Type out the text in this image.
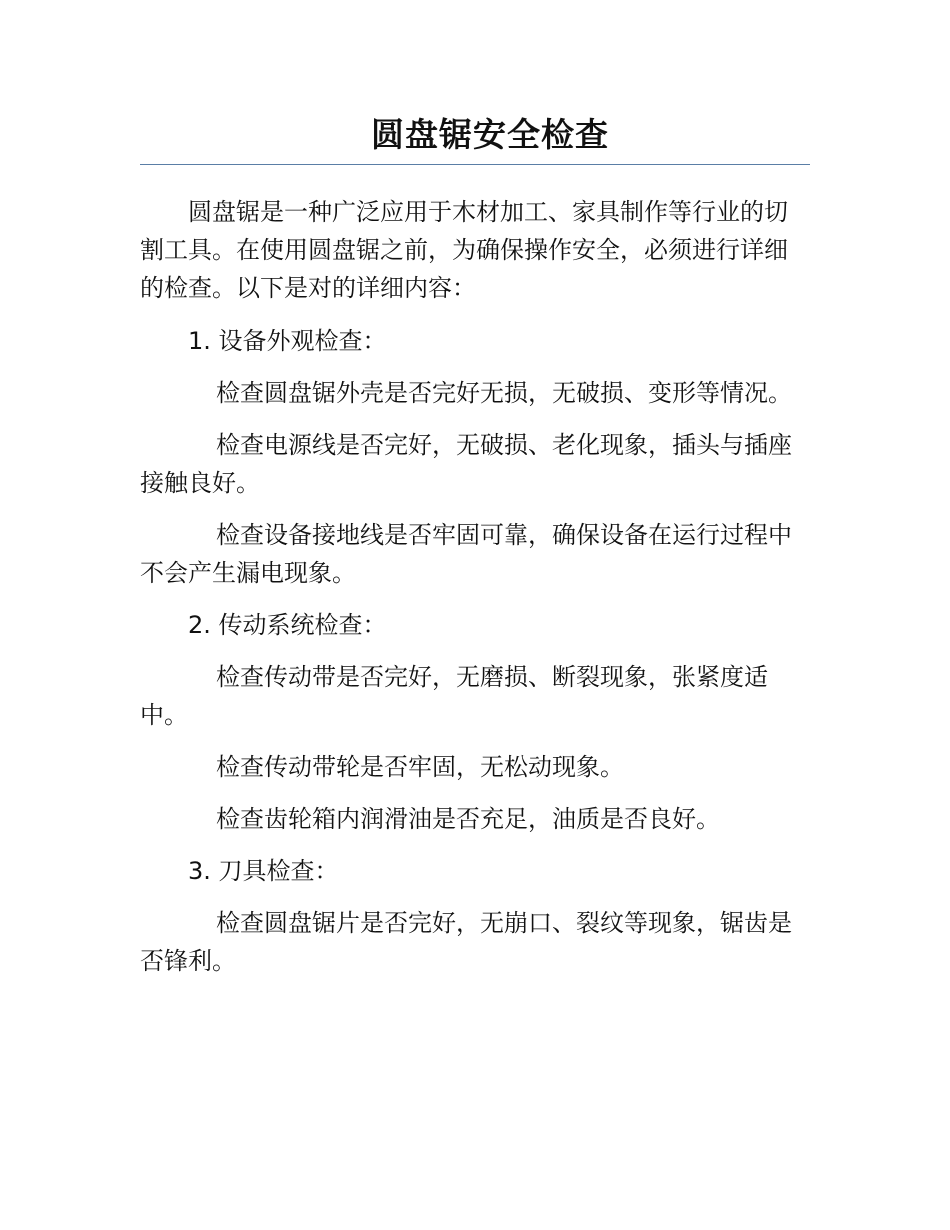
圆盘锯安全检查

圆盘锯是一种广泛应用于木材加工、家具制作等行业的切割工具。在使用圆盘锯之前，为确保操作安全，必须进行详细的检查。以下是对的详细内容：

1. 设备外观检查：

检查圆盘锯外壳是否完好无损，无破损、变形等情况。

检查电源线是否完好，无破损、老化现象，插头与插座接触良好。

检查设备接地线是否牢固可靠，确保设备在运行过程中不会产生漏电现象。

2. 传动系统检查：

检查传动带是否完好，无磨损、断裂现象，张紧度适中。

检查传动带轮是否牢固，无松动现象。

检查齿轮箱内润滑油是否充足，油质是否良好。

3. 刀具检查：

检查圆盘锯片是否完好，无崩口、裂纹等现象，锯齿是否锋利。
